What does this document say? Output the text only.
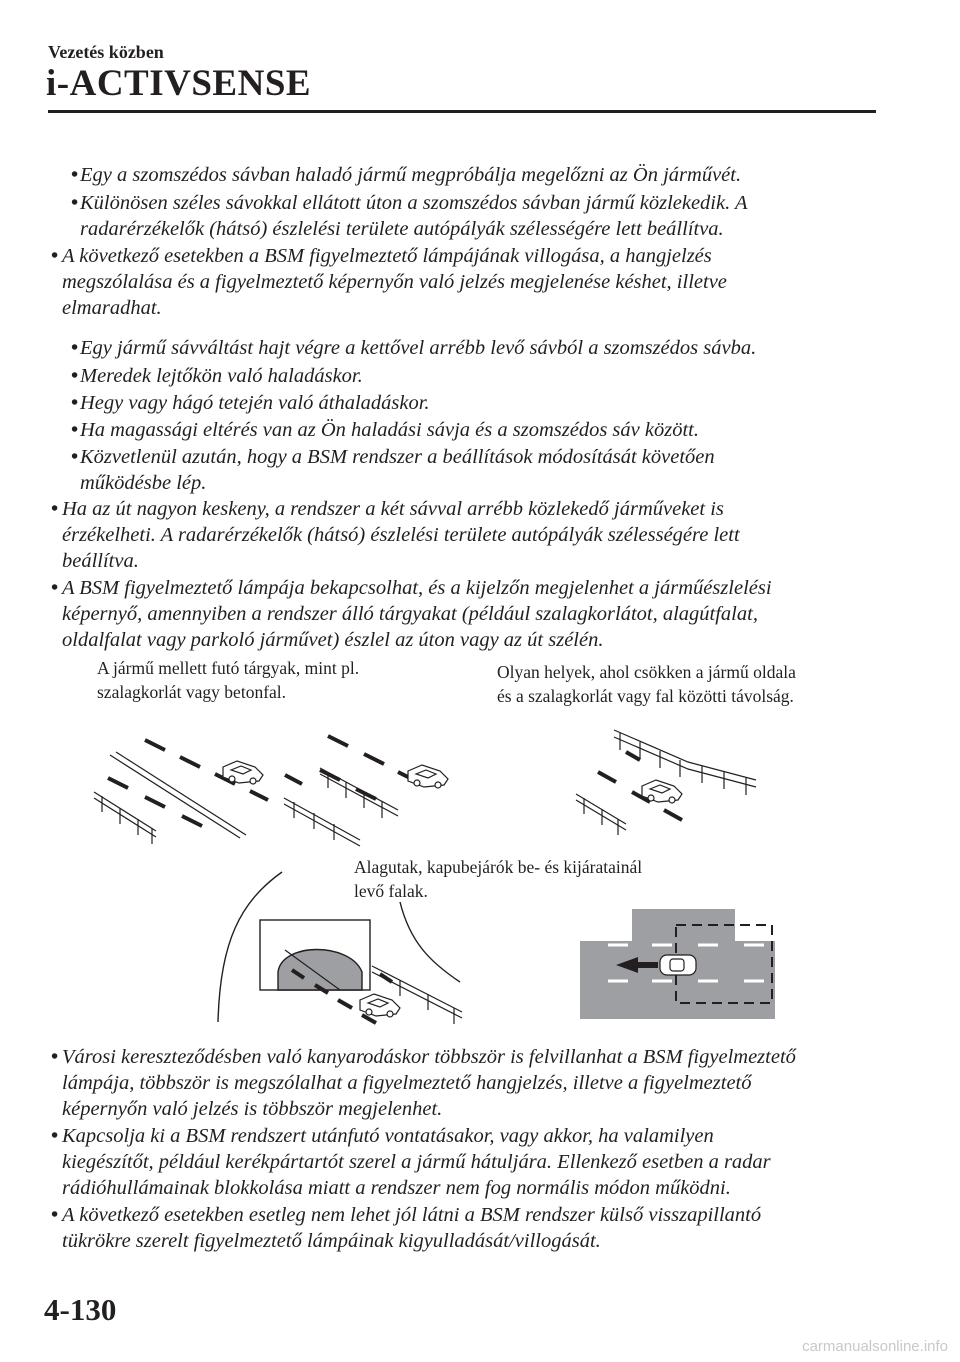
Vezetés közben
i-ACTIVSENSE
• Egy a szomszédos sávban haladó jármű megpróbálja megelőzni az Ön járművét.
• Különösen széles sávokkal ellátott úton a szomszédos sávban jármű közlekedik. A
radarérzékelők (hátsó) észlelési területe autópályák szélességére lett beállítva.
• A következő esetekben a BSM figyelmeztető lámpájának villogása, a hangjelzés
megszólalása és a figyelmeztető képernyőn való jelzés megjelenése késhet, illetve
elmaradhat.
• Egy jármű sávváltást hajt végre a kettővel arrébb levő sávból a szomszédos sávba.
• Meredek lejtőkön való haladáskor.
• Hegy vagy hágó tetején való áthaladáskor.
• Ha magassági eltérés van az Ön haladási sávja és a szomszédos sáv között.
• Közvetlenül azután, hogy a BSM rendszer a beállítások módosítását követően
működésbe lép.
• Ha az út nagyon keskeny, a rendszer a két sávval arrébb közlekedő járműveket is
érzékelheti. A radarérzékelők (hátsó) észlelési területe autópályák szélességére lett
beállítva.
• A BSM figyelmeztető lámpája bekapcsolhat, és a kijelzőn megjelenhet a járműészlelési
képernyő, amennyiben a rendszer álló tárgyakat (például szalagkorlátot, alagútfalat,
oldalfalat vagy parkoló járművet) észlel az úton vagy az út szélén.
A jármű mellett futó tárgyak, mint pl.
szalagkorlát vagy betonfal.
Olyan helyek, ahol csökken a jármű oldala
és a szalagkorlát vagy fal közötti távolság.
Alagutak, kapubejárók be- és kijáratainál
levő falak.
• Városi kereszteződésben való kanyarodáskor többször is felvillanhat a BSM figyelmeztető
lámpája, többször is megszólalhat a figyelmeztető hangjelzés, illetve a figyelmeztető
képernyőn való jelzés is többször megjelenhet.
• Kapcsolja ki a BSM rendszert utánfutó vontatásakor, vagy akkor, ha valamilyen
kiegészítőt, például kerékpártartót szerel a jármű hátuljára. Ellenkező esetben a radar
rádióhullámainak blokkolása miatt a rendszer nem fog normális módon működni.
• A következő esetekben esetleg nem lehet jól látni a BSM rendszer külső visszapillantó
tükrökre szerelt figyelmeztető lámpáinak kigyulladását/villogását.
4-130
carmanualsonline.info
